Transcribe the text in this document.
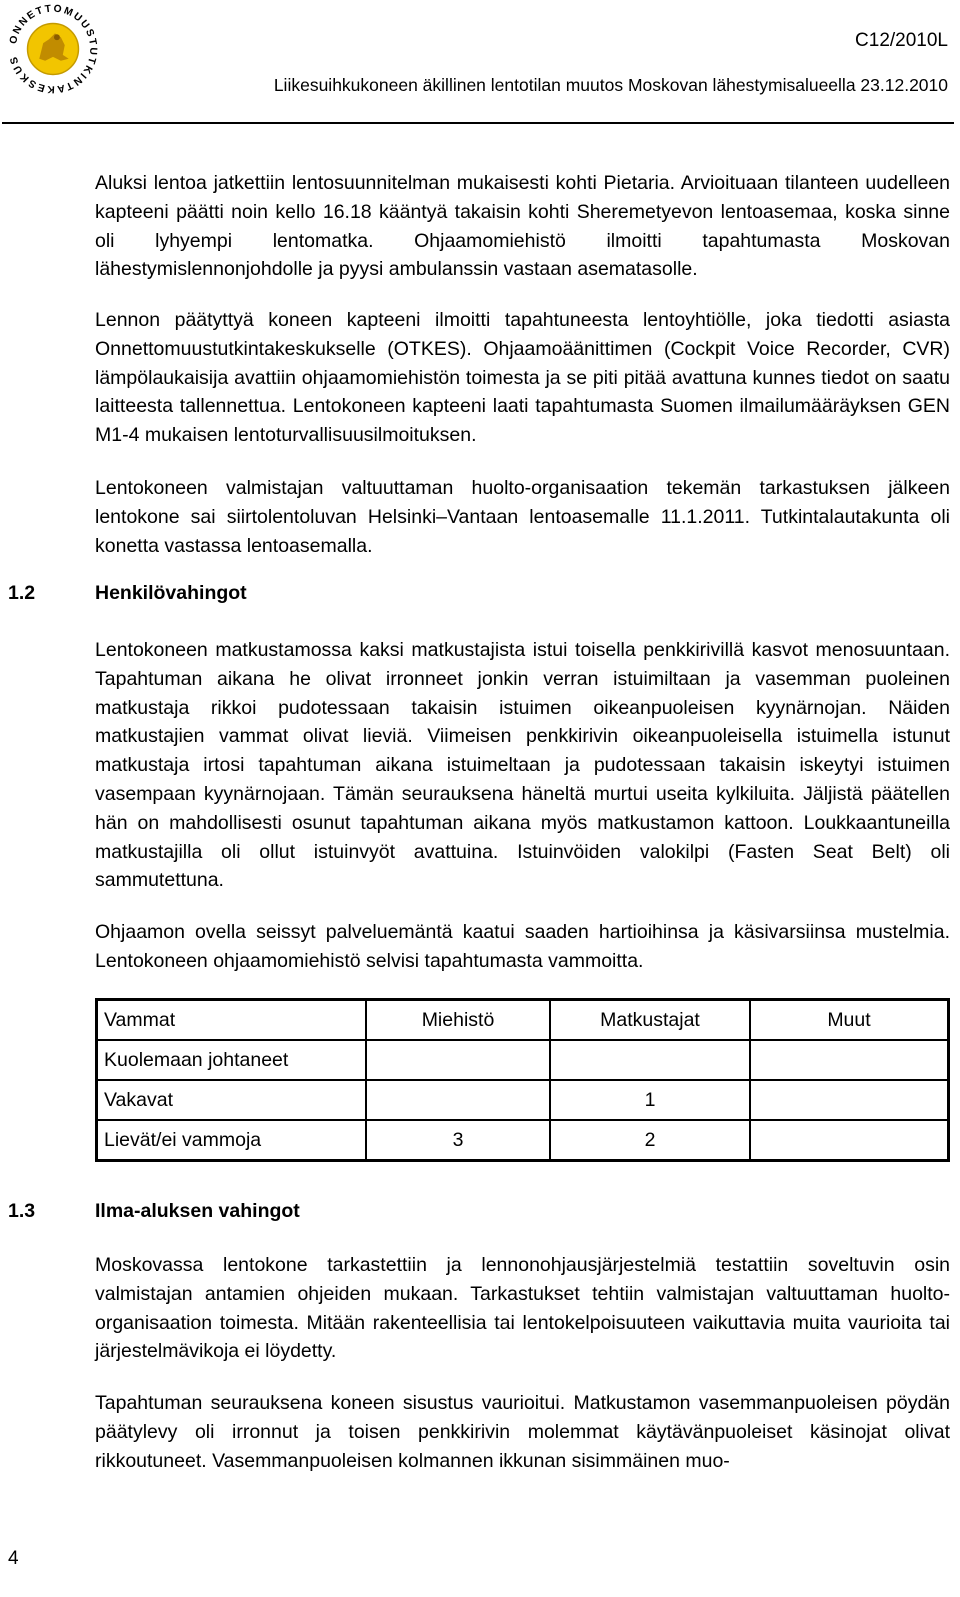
ONNETTOMUUSTUTKINTAKESKUS
C12/2010L
Liikesuihkukoneen äkillinen lentotilan muutos Moskovan lähestymisalueella 23.12.2010
Aluksi lentoa jatkettiin lentosuunnitelman mukaisesti kohti Pietaria. Arvioituaan tilanteen uudelleen kapteeni päätti noin kello 16.18 kääntyä takaisin kohti Sheremetyevon lentoasemaa, koska sinne oli lyhyempi lentomatka. Ohjaamomiehistö ilmoitti tapahtumasta Moskovan lähestymislennonjohdolle ja pyysi ambulanssin vastaan asematasolle.
Lennon päätyttyä koneen kapteeni ilmoitti tapahtuneesta lentoyhtiölle, joka tiedotti asiasta Onnettomuustutkintakeskukselle (OTKES). Ohjaamoäänittimen (Cockpit Voice Recorder, CVR) lämpölaukaisija avattiin ohjaamomiehistön toimesta ja se piti pitää avattuna kunnes tiedot on saatu laitteesta tallennettua. Lentokoneen kapteeni laati tapahtumasta Suomen ilmailumääräyksen GEN M1-4 mukaisen lentoturvallisuusilmoituksen.
Lentokoneen valmistajan valtuuttaman huolto-organisaation tekemän tarkastuksen jälkeen lentokone sai siirtolentoluvan Helsinki–Vantaan lentoasemalle 11.1.2011. Tutkintalautakunta oli konetta vastassa lentoasemalla.
1.2	Henkilövahingot
Lentokoneen matkustamossa kaksi matkustajista istui toisella penkkirivillä kasvot menosuuntaan. Tapahtuman aikana he olivat irronneet jonkin verran istuimiltaan ja vasemman puoleinen matkustaja rikkoi pudotessaan takaisin istuimen oikeanpuoleisen kyynärnojan. Näiden matkustajien vammat olivat lieviä. Viimeisen penkkirivin oikeanpuoleisella istuimella istunut matkustaja irtosi tapahtuman aikana istuimeltaan ja pudotessaan takaisin iskeytyi istuimen vasempaan kyynärnojaan. Tämän seurauksena häneltä murtui useita kylkiluita. Jäljistä päätellen hän on mahdollisesti osunut tapahtuman aikana myös matkustamon kattoon. Loukkaantuneilla matkustajilla oli ollut istuinvyöt avattuina. Istuinvöiden valokilpi (Fasten Seat Belt) oli sammutettuna.
Ohjaamon ovella seissyt palveluemäntä kaatui saaden hartioihinsa ja käsivarsiinsa mustelmia. Lentokoneen ohjaamomiehistö selvisi tapahtumasta vammoitta.
Vammat	Miehistö	Matkustajat	Muut
Kuolemaan johtaneet			
Vakavat		1	
Lievät/ei vammoja	3	2	
1.3	Ilma-aluksen vahingot
Moskovassa lentokone tarkastettiin ja lennonohjausjärjestelmiä testattiin soveltuvin osin valmistajan antamien ohjeiden mukaan. Tarkastukset tehtiin valmistajan valtuuttaman huolto-organisaation toimesta. Mitään rakenteellisia tai lentokelpoisuuteen vaikuttavia muita vaurioita tai järjestelmävikoja ei löydetty.
Tapahtuman seurauksena koneen sisustus vaurioitui. Matkustamon vasemmanpuoleisen pöydän päätylevy oli irronnut ja toisen penkkirivin molemmat käytävänpuoleiset käsinojat olivat rikkoutuneet. Vasemmanpuoleisen kolmannen ikkunan sisimmäinen muo-
4
